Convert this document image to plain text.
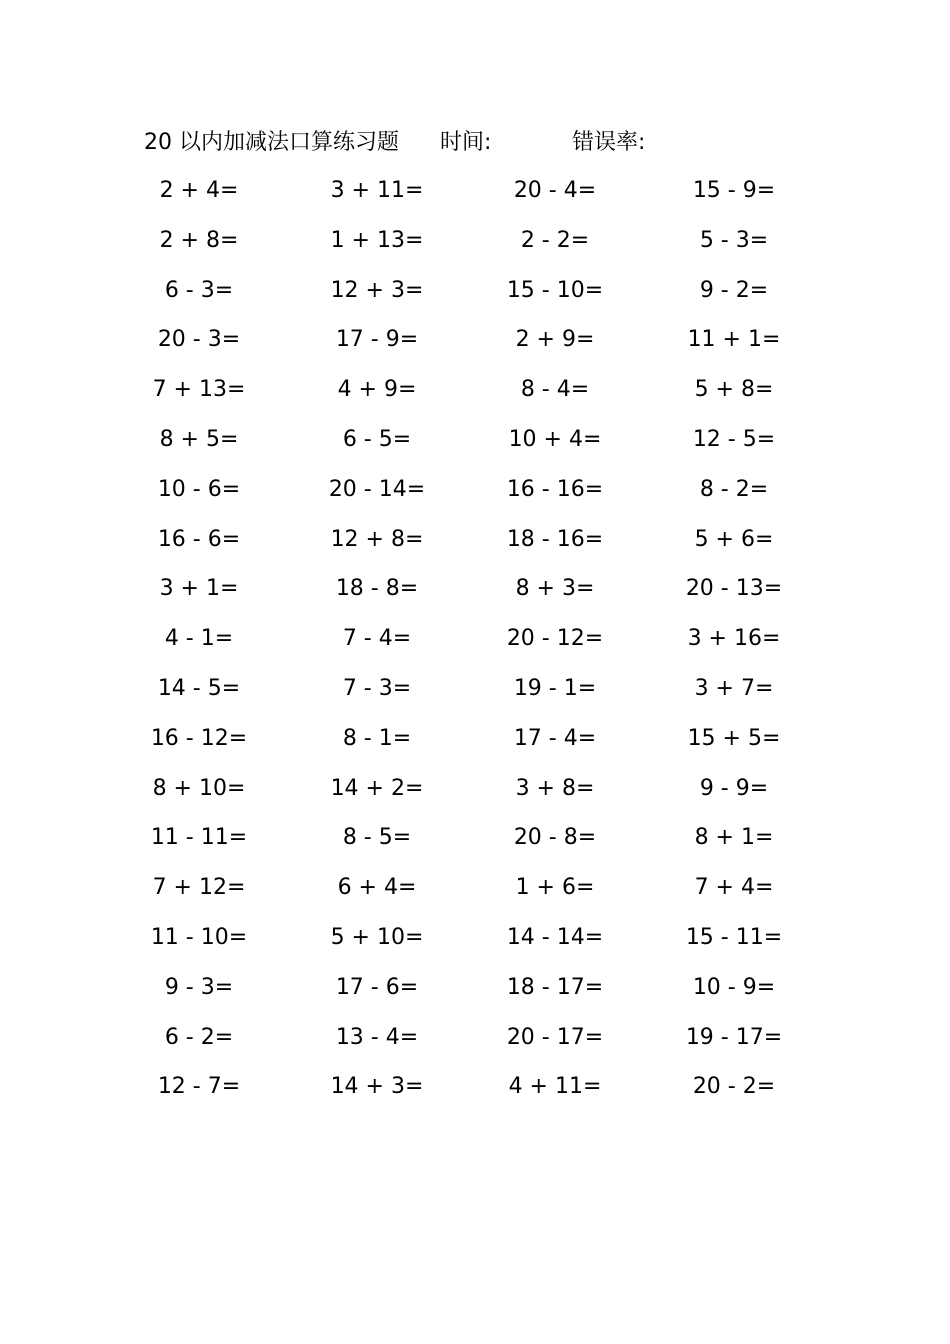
20 以内加减法口算练习题 时间:	错误率:
2 + 4=	3 + 11=	20 - 4=	15 - 9=
2 + 8=	1 + 13=	2 - 2=	5 - 3=
6 - 3=	12 + 3=	15 - 10=	9 - 2=
20 - 3=	17 - 9=	2 + 9=	11 + 1=
7 + 13=	4 + 9=	8 - 4=	5 + 8=
8 + 5=	6 - 5=	10 + 4=	12 - 5=
10 - 6=	20 - 14=	16 - 16=	8 - 2=
16 - 6=	12 + 8=	18 - 16=	5 + 6=
3 + 1=	18 - 8=	8 + 3=	20 - 13=
4 - 1=	7 - 4=	20 - 12=	3 + 16=
14 - 5=	7 - 3=	19 - 1=	3 + 7=
16 - 12=	8 - 1=	17 - 4=	15 + 5=
8 + 10=	14 + 2=	3 + 8=	9 - 9=
11 - 11=	8 - 5=	20 - 8=	8 + 1=
7 + 12=	6 + 4=	1 + 6=	7 + 4=
11 - 10=	5 + 10=	14 - 14=	15 - 11=
9 - 3=	17 - 6=	18 - 17=	10 - 9=
6 - 2=	13 - 4=	20 - 17=	19 - 17=
12 - 7=	14 + 3=	4 + 11=	20 - 2=
